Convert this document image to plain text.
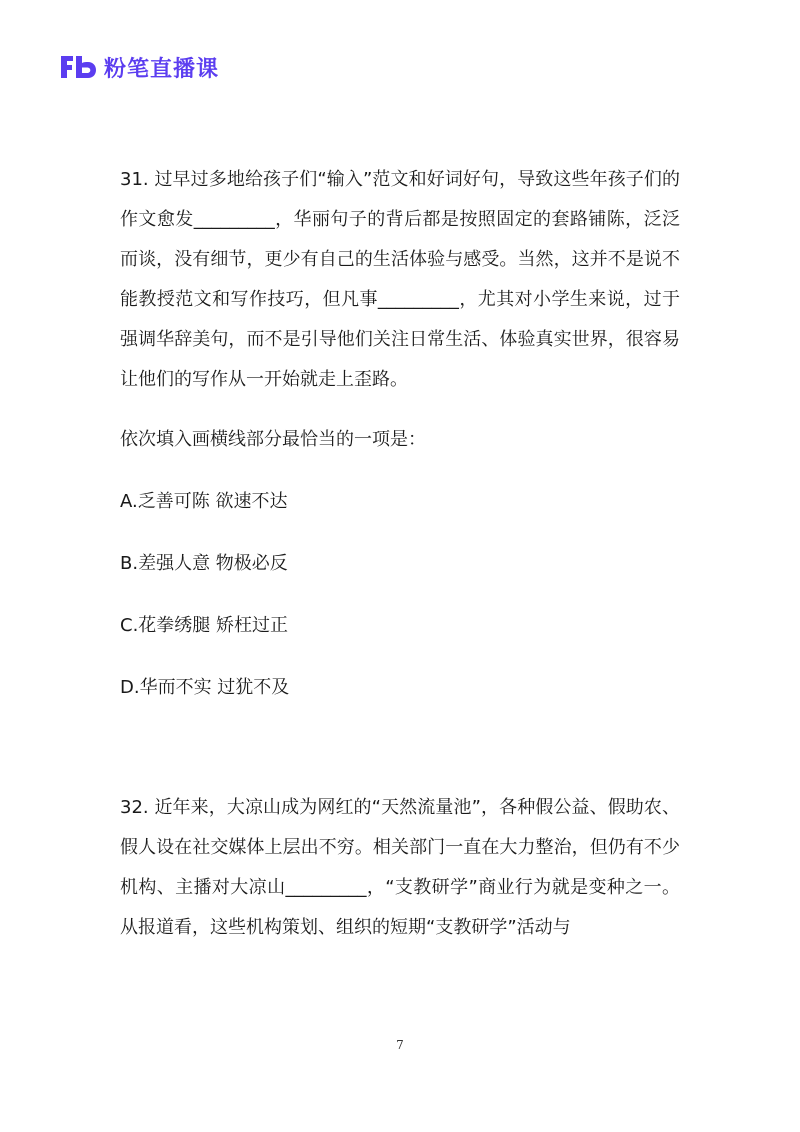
粉笔直播课

31. 过早过多地给孩子们“输入”范文和好词好句，导致这些年孩子们的作文愈发_________，华丽句子的背后都是按照固定的套路铺陈，泛泛而谈，没有细节，更少有自己的生活体验与感受。当然，这并不是说不能教授范文和写作技巧，但凡事_________，尤其对小学生来说，过于强调华辞美句，而不是引导他们关注日常生活、体验真实世界，很容易让他们的写作从一开始就走上歪路。

依次填入画横线部分最恰当的一项是：

A.乏善可陈 欲速不达

B.差强人意 物极必反

C.花拳绣腿 矫枉过正

D.华而不实 过犹不及

32. 近年来，大凉山成为网红的“天然流量池”，各种假公益、假助农、假人设在社交媒体上层出不穷。相关部门一直在大力整治，但仍有不少机构、主播对大凉山_________，“支教研学”商业行为就是变种之一。从报道看，这些机构策划、组织的短期“支教研学”活动与

7
